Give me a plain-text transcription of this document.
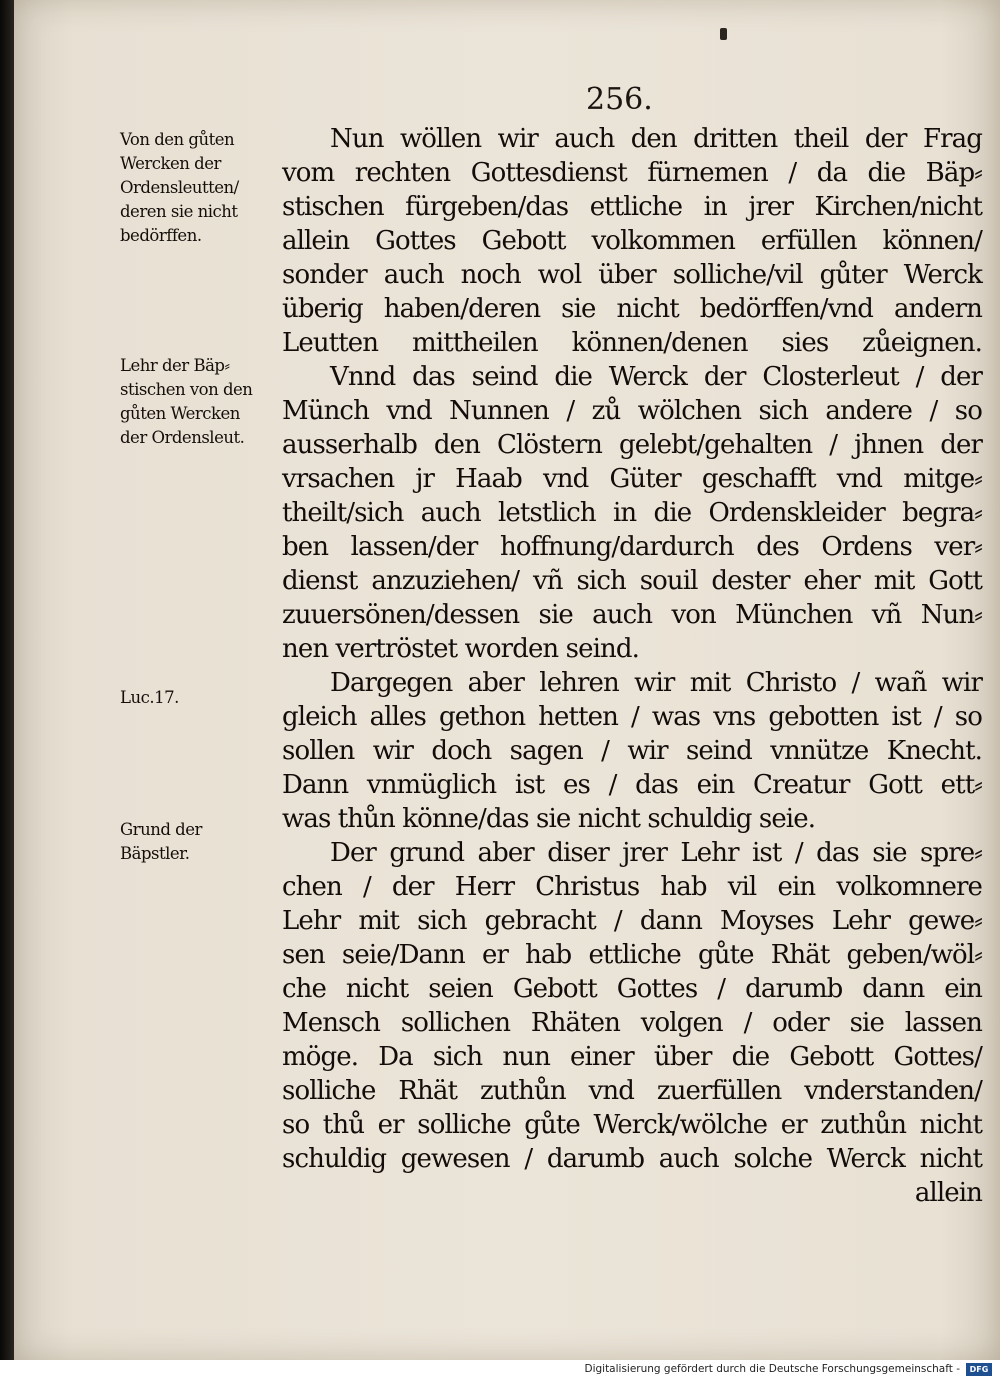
256.
Von den gůten
Wercken der
Ordensleutten/
deren sie nicht
bedörffen.
Lehr der Bäp⸗
stischen von den
gůten Wercken
der Ordensleut.
Luc.17.
Grund der
Bäpstler.
Nun wöllen wir auch den dritten theil der Frag
vom rechten Gottesdienst fürnemen / da die Bäp⸗
stischen fürgeben/das ettliche in jrer Kirchen/nicht
allein Gottes Gebott volkommen erfüllen können/
sonder auch noch wol über solliche/vil gůter Werck
überig haben/deren sie nicht bedörffen/vnd andern
Leutten mittheilen können/denen sies zůeignen.
Vnnd das seind die Werck der Closterleut / der
Münch vnd Nunnen / zů wölchen sich andere / so
ausserhalb den Clöstern gelebt/gehalten / jhnen der
vrsachen jr Haab vnd Güter geschafft vnd mitge⸗
theilt/sich auch letstlich in die Ordenskleider begra⸗
ben lassen/der hoffnung/dardurch des Ordens ver⸗
dienst anzuziehen/ vñ sich souil dester eher mit Gott
zuuersönen/dessen sie auch von München vñ Nun⸗
nen vertröstet worden seind.
Dargegen aber lehren wir mit Christo / wañ wir
gleich alles gethon hetten / was vns gebotten ist / so
sollen wir doch sagen / wir seind vnnütze Knecht.
Dann vnmüglich ist es / das ein Creatur Gott ett⸗
was thůn könne/das sie nicht schuldig seie.
Der grund aber diser jrer Lehr ist / das sie spre⸗
chen / der Herr Christus hab vil ein volkomnere
Lehr mit sich gebracht / dann Moyses Lehr gewe⸗
sen seie/Dann er hab ettliche gůte Rhät geben/wöl⸗
che nicht seien Gebott Gottes / darumb dann ein
Mensch sollichen Rhäten volgen / oder sie lassen
möge. Da sich nun einer über die Gebott Gottes/
solliche Rhät zuthůn vnd zuerfüllen vnderstanden/
so thů er solliche gůte Werck/wölche er zuthůn nicht
schuldig gewesen / darumb auch solche Werck nicht
allein
Digitalisierung gefördert durch die Deutsche Forschungsgemeinschaft -	DFG
